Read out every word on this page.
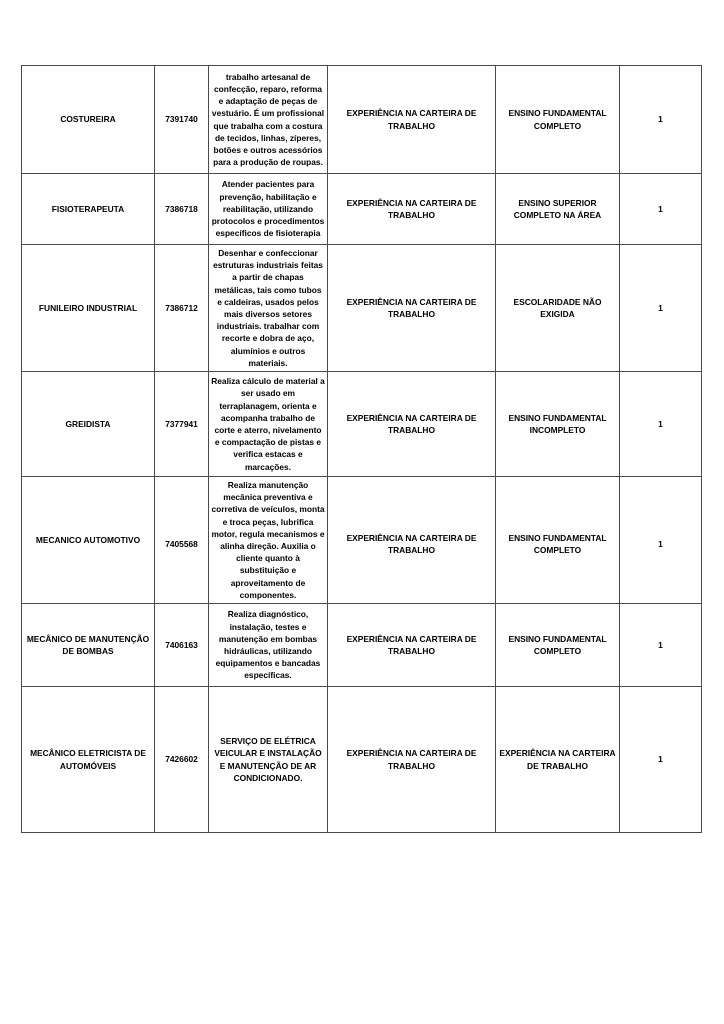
COSTUREIRA	7391740	trabalho artesanal de confecção, reparo, reforma e adaptação de peças de vestuário. É um profissional que trabalha com a costura de tecidos, linhas, zíperes, botões e outros acessórios para a produção de roupas.	EXPERIÊNCIA NA CARTEIRA DE TRABALHO	ENSINO FUNDAMENTAL COMPLETO	1
FISIOTERAPEUTA	7386718	Atender pacientes para prevenção, habilitação e reabilitação, utilizando protocolos e procedimentos específicos de fisioterapia	EXPERIÊNCIA NA CARTEIRA DE TRABALHO	ENSINO SUPERIOR COMPLETO NA ÁREA	1
FUNILEIRO INDUSTRIAL	7386712	Desenhar e confeccionar estruturas industriais feitas a partir de chapas metálicas, tais como tubos e caldeiras, usados pelos mais diversos setores industriais. trabalhar com recorte e dobra de aço, alumínios e outros materiais.	EXPERIÊNCIA NA CARTEIRA DE TRABALHO	ESCOLARIDADE NÃO EXIGIDA	1
GREIDISTA	7377941	Realiza cálculo de material a ser usado em terraplanagem, orienta e acompanha trabalho de corte e aterro, nivelamento e compactação de pistas e verifica estacas e marcações.	EXPERIÊNCIA NA CARTEIRA DE TRABALHO	ENSINO FUNDAMENTAL INCOMPLETO	1
MECANICO AUTOMOTIVO	7405568	Realiza manutenção mecânica preventiva e corretiva de veículos, monta e troca peças, lubrifica motor, regula mecanismos e alinha direção. Auxilia o cliente quanto à substituição e aproveitamento de componentes.	EXPERIÊNCIA NA CARTEIRA DE TRABALHO	ENSINO FUNDAMENTAL COMPLETO	1
MECÂNICO DE MANUTENÇÃO DE BOMBAS	7406163	Realiza diagnóstico, instalação, testes e manutenção em bombas hidráulicas, utilizando equipamentos e bancadas específicas.	EXPERIÊNCIA NA CARTEIRA DE TRABALHO	ENSINO FUNDAMENTAL COMPLETO	1
MECÂNICO ELETRICISTA DE AUTOMÓVEIS	7426602	SERVIÇO DE ELÉTRICA VEICULAR E INSTALAÇÃO E MANUTENÇÃO DE AR CONDICIONADO.	EXPERIÊNCIA NA CARTEIRA DE TRABALHO	EXPERIÊNCIA NA CARTEIRA DE TRABALHO	1
